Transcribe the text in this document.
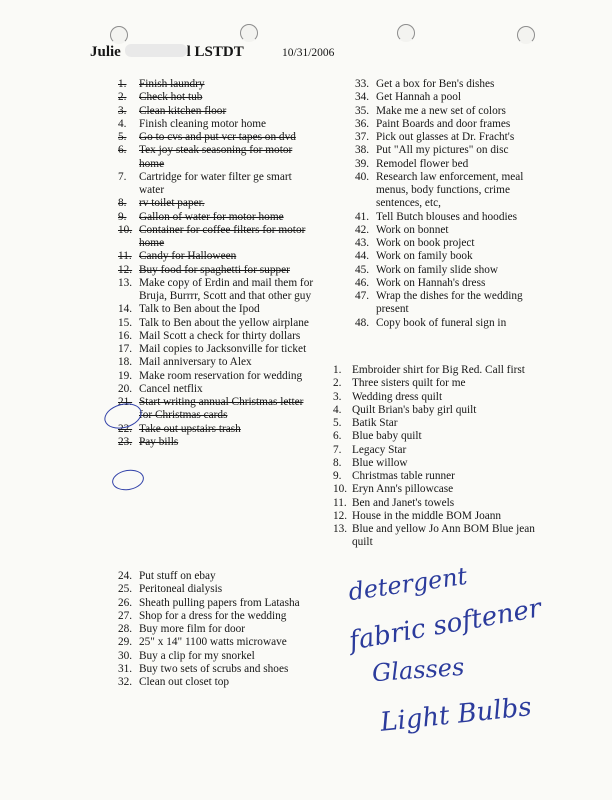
Julie	l LSTDT	10/31/2006
1.	Finish laundry
2.	Check hot tub
3.	Clean kitchen floor
4.	Finish cleaning motor home
5.	Go to cvs and put vcr tapes on dvd
6.	Tex joy steak seasoning for motor home
7.	Cartridge for water filter ge smart water
8.	rv toilet paper.
9.	Gallon of water for motor home
10. Container for coffee filters for motor home
11. Candy for Halloween
12. Buy food for spaghetti for supper
13. Make copy of Erdin and mail them for Bruja, Burrrr, Scott and that other guy
14. Talk to Ben about the Ipod
15. Talk to Ben about the yellow airplane
16. Mail Scott a check for thirty dollars
17. Mail copies to Jacksonville for ticket
18. Mail anniversary to Alex
19. Make room reservation for wedding
20. Cancel netflix
21. Start writing annual Christmas letter for Christmas cards
22. Take out upstairs trash
23. Pay bills
33. Get a box for Ben's dishes
34. Get Hannah a pool
35. Make me a new set of colors
36. Paint Boards and door frames
37. Pick out glasses at Dr. Fracht's
38. Put "All my pictures" on disc
39. Remodel flower bed
40. Research law enforcement, meal menus, body functions, crime sentences, etc,
41. Tell Butch blouses and hoodies
42. Work on bonnet
43. Work on book project
44. Work on family book
45. Work on family slide show
46. Work on Hannah's dress
47. Wrap the dishes for the wedding present
48. Copy book of funeral sign in
1. Embroider shirt for Big Red. Call first
2. Three sisters quilt for me
3. Wedding dress quilt
4. Quilt Brian's baby girl quilt
5. Batik Star
6. Blue baby quilt
7. Legacy Star
8. Blue willow
9. Christmas table runner
10. Eryn Ann's pillowcase
11. Ben and Janet's towels
12. House in the middle BOM Joann
13. Blue and yellow Jo Ann BOM Blue jean quilt
24. Put stuff on ebay
25. Peritoneal dialysis
26. Sheath pulling papers from Latasha
27. Shop for a dress for the wedding
28. Buy more film for door
29. 25" x 14" 1100 watts microwave
30. Buy a clip for my snorkel
31. Buy two sets of scrubs and shoes
32. Clean out closet top
detergent
fabric softener
Glasses
Light Bulbs
